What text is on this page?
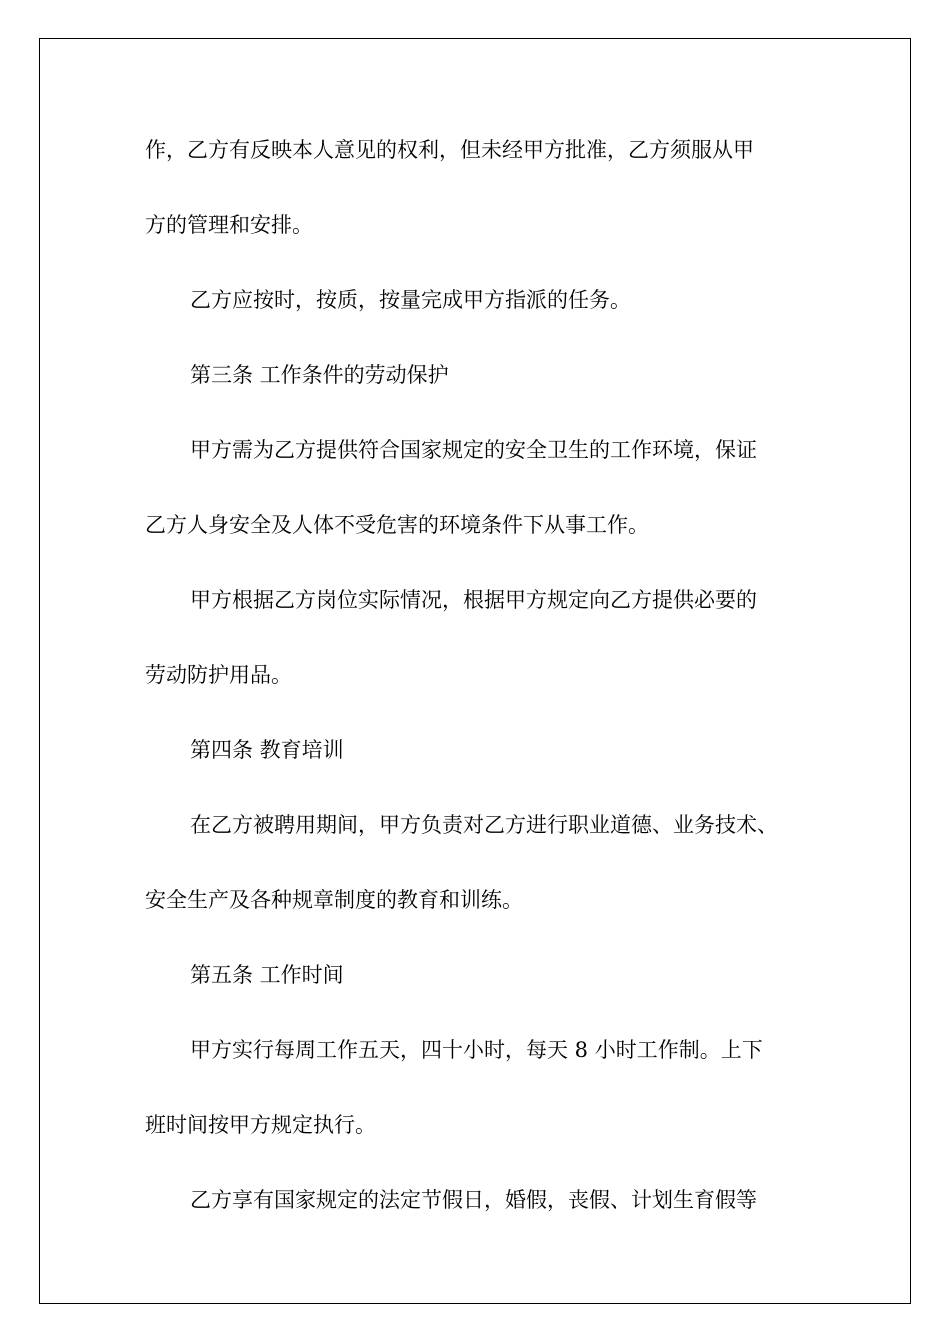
作，乙方有反映本人意见的权利，但未经甲方批准，乙方须服从甲

方的管理和安排。

乙方应按时，按质，按量完成甲方指派的任务。

第三条 工作条件的劳动保护

甲方需为乙方提供符合国家规定的安全卫生的工作环境，保证

乙方人身安全及人体不受危害的环境条件下从事工作。

甲方根据乙方岗位实际情况，根据甲方规定向乙方提供必要的

劳动防护用品。

第四条 教育培训

在乙方被聘用期间，甲方负责对乙方进行职业道德、业务技术、

安全生产及各种规章制度的教育和训练。

第五条 工作时间

甲方实行每周工作五天，四十小时，每天 8 小时工作制。上下

班时间按甲方规定执行。

乙方享有国家规定的法定节假日，婚假，丧假、计划生育假等
